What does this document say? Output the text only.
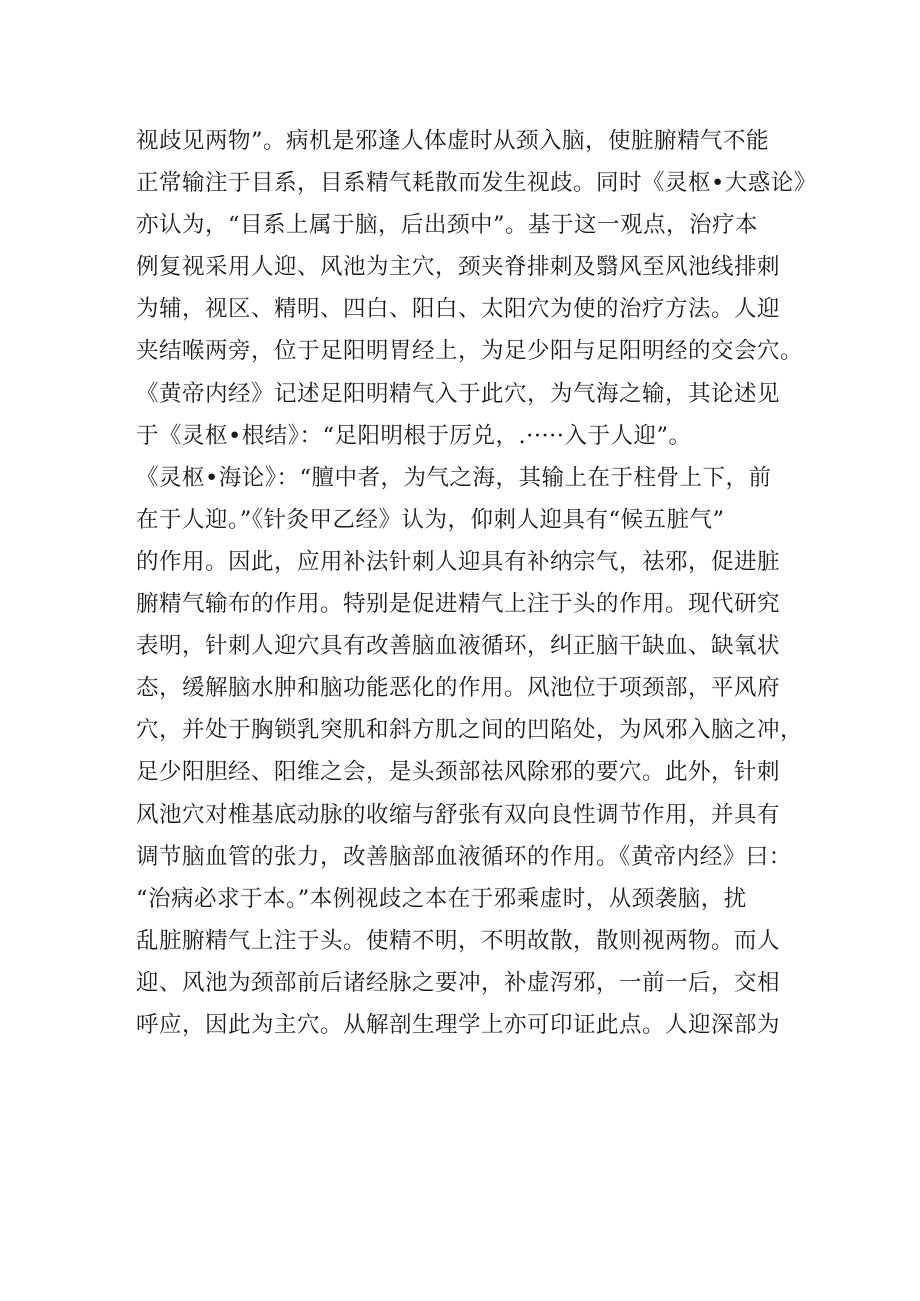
视歧见两物”。病机是邪逢人体虚时从颈入脑，使脏腑精气不能
正常输注于目系，目系精气耗散而发生视歧。同时《灵枢•大惑论》
亦认为，“目系上属于脑，后出颈中”。基于这一观点，治疗本
例复视采用人迎、风池为主穴，颈夹脊排刺及翳风至风池线排刺
为辅，视区、精明、四白、阳白、太阳穴为使的治疗方法。人迎
夹结喉两旁，位于足阳明胃经上，为足少阳与足阳明经的交会穴。
《黄帝内经》记述足阳明精气入于此穴，为气海之输，其论述见
于《灵枢•根结》：“足阳明根于厉兑，.·····入于人迎”。
《灵枢•海论》：“膻中者，为气之海，其输上在于柱骨上下，前
在于人迎。”《针灸甲乙经》认为，仰刺人迎具有“候五脏气”
的作用。因此，应用补法针刺人迎具有补纳宗气，祛邪，促进脏
腑精气输布的作用。特别是促进精气上注于头的作用。现代研究
表明，针刺人迎穴具有改善脑血液循环，纠正脑干缺血、缺氧状
态，缓解脑水肿和脑功能恶化的作用。风池位于项颈部，平风府
穴，并处于胸锁乳突肌和斜方肌之间的凹陷处，为风邪入脑之冲，
足少阳胆经、阳维之会，是头颈部祛风除邪的要穴。此外，针刺
风池穴对椎基底动脉的收缩与舒张有双向良性调节作用，并具有
调节脑血管的张力，改善脑部血液循环的作用。《黄帝内经》曰：
“治病必求于本。”本例视歧之本在于邪乘虚时，从颈袭脑，扰
乱脏腑精气上注于头。使精不明，不明故散，散则视两物。而人
迎、风池为颈部前后诸经脉之要冲，补虚泻邪，一前一后，交相
呼应，因此为主穴。从解剖生理学上亦可印证此点。人迎深部为
